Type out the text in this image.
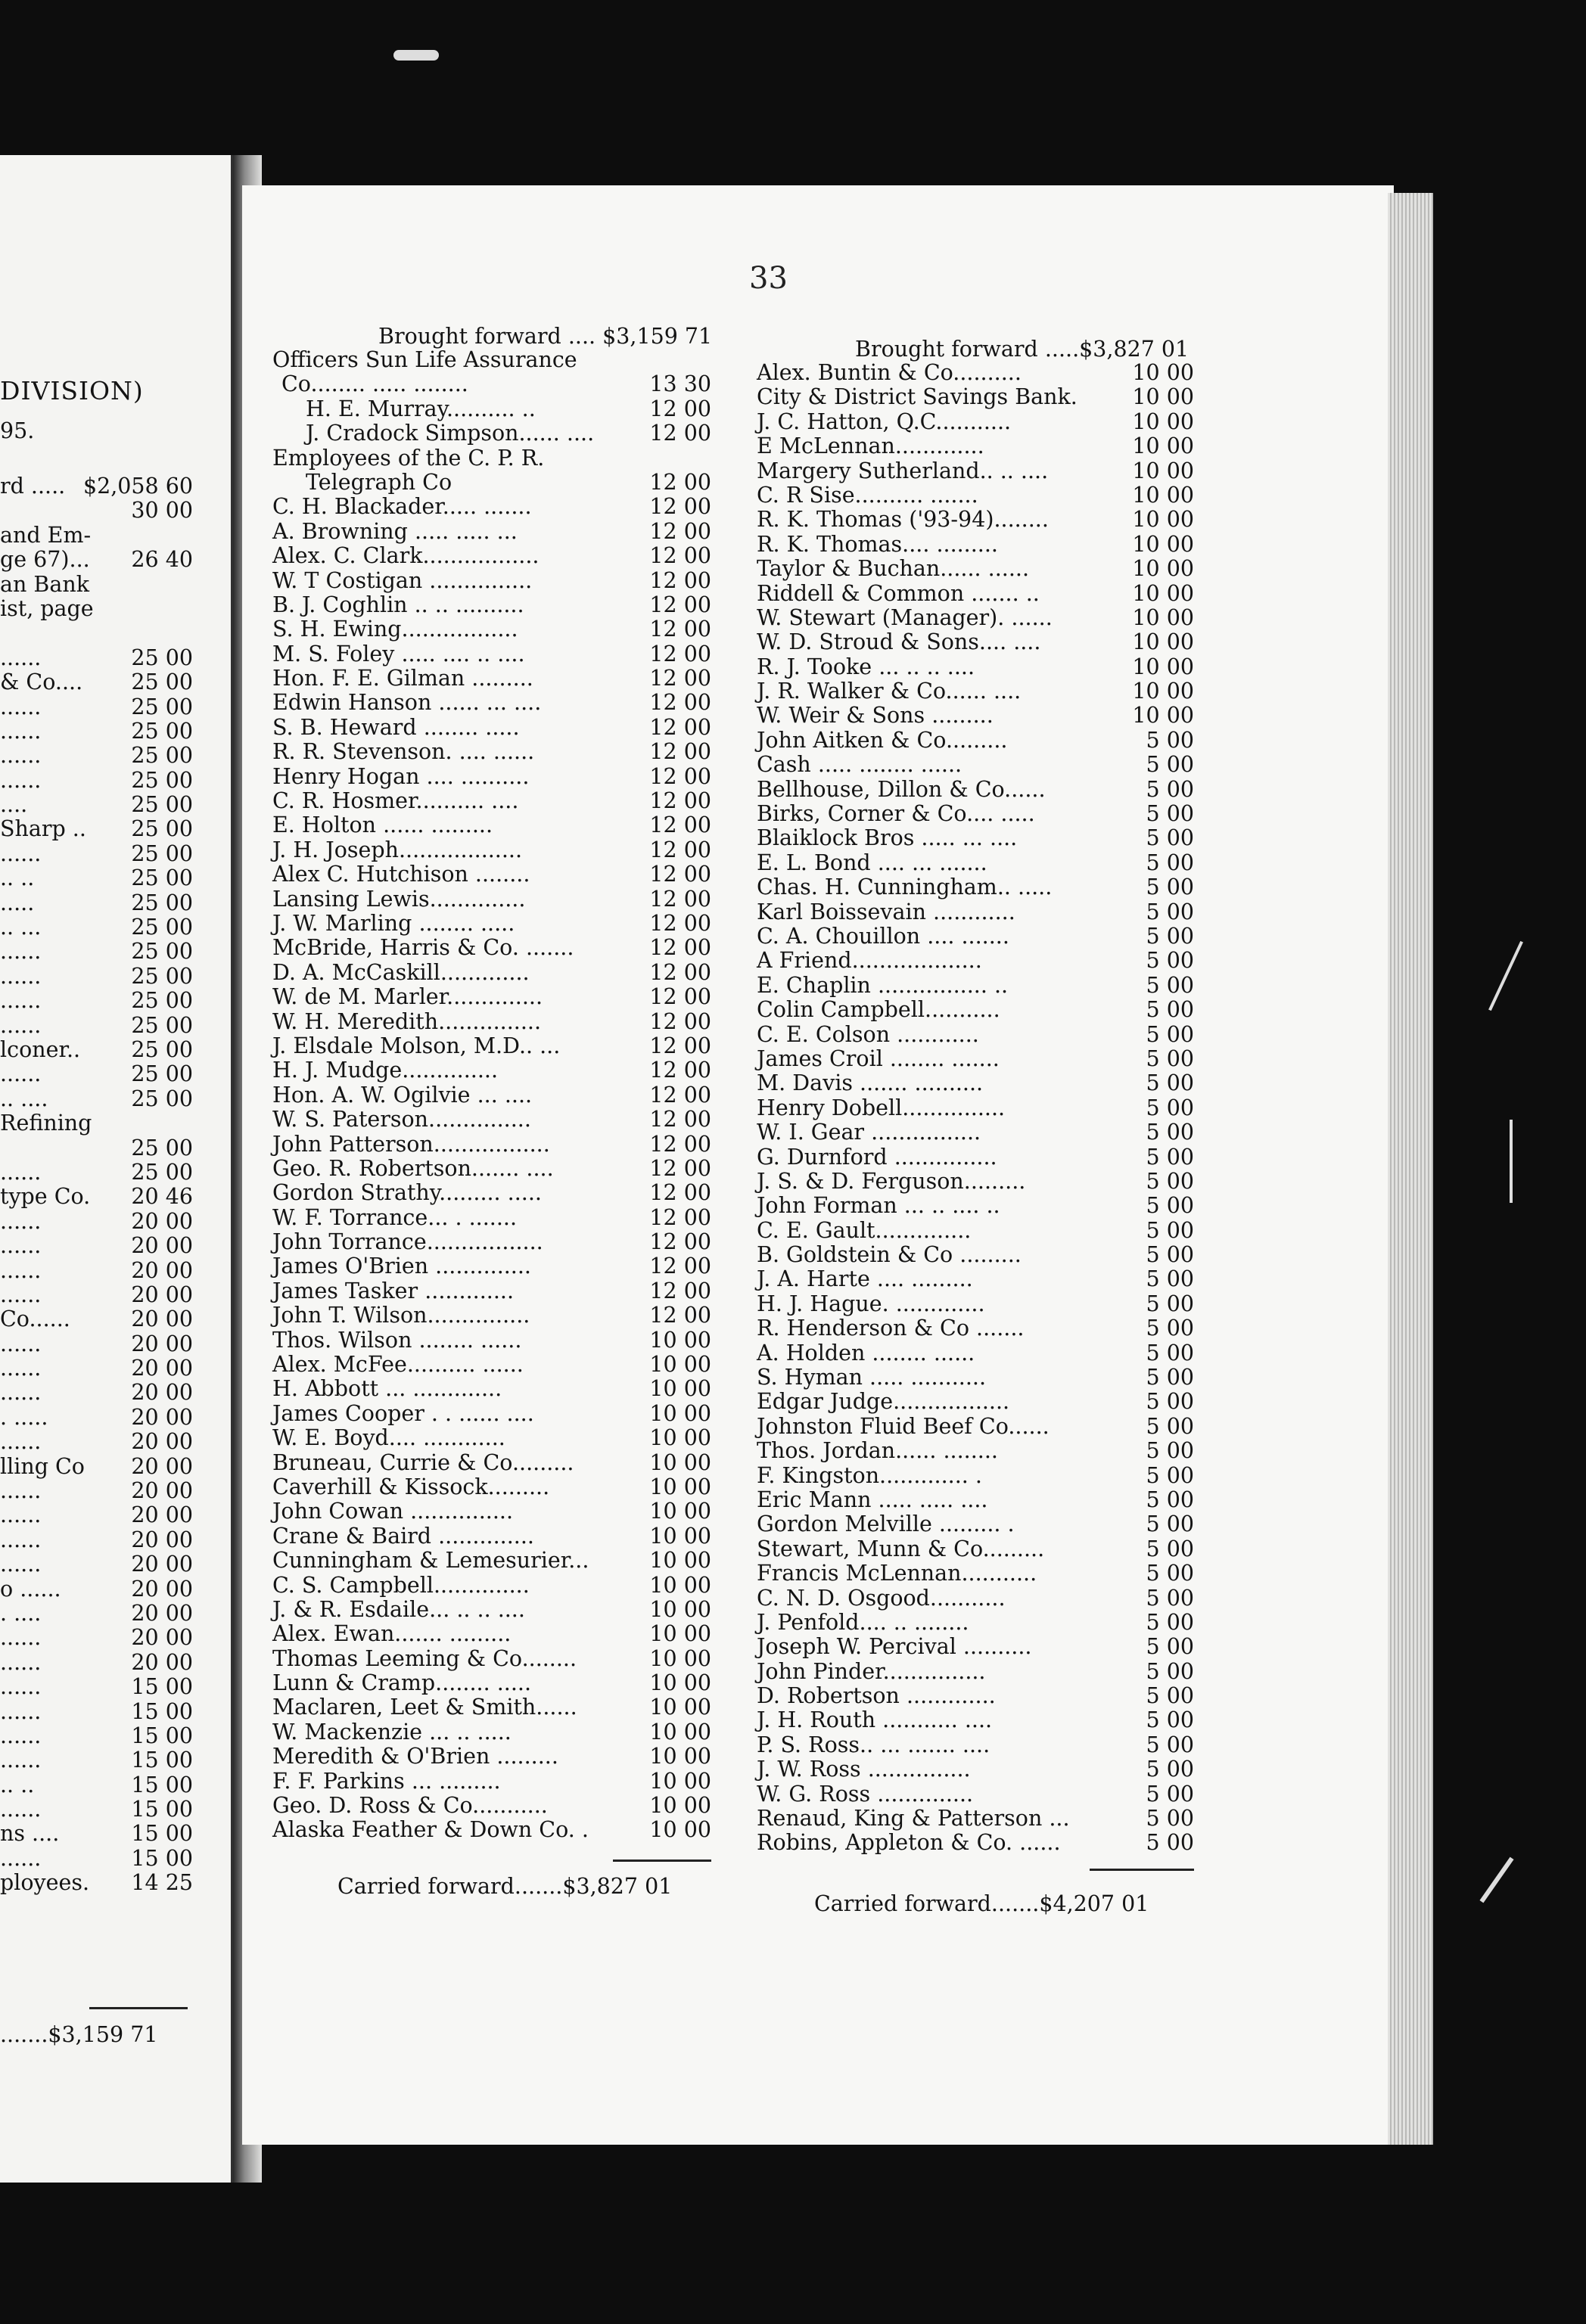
DIVISION)
95.
rd ..... $2,058 60
30 00
and Em-
ge 67)... 26 40
an Bank
ist, page
......	25 00
& Co.... 25 00
......	25 00
......	25 00
......	25 00
......	25 00
....	25 00
Sharp .. 25 00
......	25 00
.. ..	25 00
.....	25 00
.. ...	25 00
......	25 00
......	25 00
......	25 00
......	25 00
lconer.. 25 00
......	25 00
.. ....	25 00
Refining
25 00
......	25 00
type Co. 20 46
......	20 00
......	20 00
......	20 00
......	20 00
Co......	20 00
......	20 00
......	20 00
......	20 00
. .....	20 00
......	20 00
lling Co 20 00
......	20 00
......	20 00
......	20 00
......	20 00
o ......	20 00
. ....	20 00
......	20 00
......	20 00
......	15 00
......	15 00
......	15 00
......	15 00
.. ..	15 00
......	15 00
ns ....	15 00
......	15 00
ployees. 14 25
.......$3,159 71
33
Brought forward .... $3,159 71
Officers Sun Life Assurance
Co........ ..... ........	13 30
H. E. Murray.......... ..	12 00
J. Cradock Simpson...... ....	12 00
Employees of the C. P. R.
Telegraph Co	12 00
C. H. Blackader..... .......	12 00
A. Browning ..... ..... ...	12 00
Alex. C. Clark.................	12 00
W. T Costigan ...............	12 00
B. J. Coghlin .. .. ..........	12 00
S. H. Ewing.................	12 00
M. S. Foley ..... .... .. ....	12 00
Hon. F. E. Gilman .........	12 00
Edwin Hanson ...... ... ....	12 00
S. B. Heward ........ .....	12 00
R. R. Stevenson. .... ......	12 00
Henry Hogan .... ..........	12 00
C. R. Hosmer.......... ....	12 00
E. Holton ...... .........	12 00
J. H. Joseph..................	12 00
Alex C. Hutchison ........	12 00
Lansing Lewis..............	12 00
J. W. Marling ........ .....	12 00
McBride, Harris & Co. .......	12 00
D. A. McCaskill.............	12 00
W. de M. Marler..............	12 00
W. H. Meredith...............	12 00
J. Elsdale Molson, M.D.. ...	12 00
H. J. Mudge..............	12 00
Hon. A. W. Ogilvie ... ....	12 00
W. S. Paterson...............	12 00
John Patterson.................	12 00
Geo. R. Robertson....... ....	12 00
Gordon Strathy......... .....	12 00
W. F. Torrance... . .......	12 00
John Torrance.................	12 00
James O'Brien ..............	12 00
James Tasker .............	12 00
John T. Wilson...............	12 00
Thos. Wilson ........ ......	10 00
Alex. McFee.......... ......	10 00
H. Abbott ... .............	10 00
James Cooper . . ...... ....	10 00
W. E. Boyd.... ............	10 00
Bruneau, Currie & Co.........	10 00
Caverhill & Kissock.........	10 00
John Cowan ...............	10 00
Crane & Baird ..............	10 00
Cunningham & Lemesurier...	10 00
C. S. Campbell..............	10 00
J. & R. Esdaile... .. .. ....	10 00
Alex. Ewan....... .........	10 00
Thomas Leeming & Co........	10 00
Lunn & Cramp........ .....	10 00
Maclaren, Leet & Smith......	10 00
W. Mackenzie ... .. .....	10 00
Meredith & O'Brien .........	10 00
F. F. Parkins ... .........	10 00
Geo. D. Ross & Co...........	10 00
Alaska Feather & Down Co. .	10 00
Carried forward.......$3,827 01
Brought forward .....$3,827 01
Alex. Buntin & Co..........	10 00
City & District Savings Bank.	10 00
J. C. Hatton, Q.C...........	10 00
E McLennan.............	10 00
Margery Sutherland.. .. ....	10 00
C. R Sise.......... .......	10 00
R. K. Thomas ('93-94)........	10 00
R. K. Thomas.... .........	10 00
Taylor & Buchan...... ......	10 00
Riddell & Common ....... ..	10 00
W. Stewart (Manager). ......	10 00
W. D. Stroud & Sons.... ....	10 00
R. J. Tooke ... .. .. ....	10 00
J. R. Walker & Co...... ....	10 00
W. Weir & Sons .........	10 00
John Aitken & Co.........	5 00
Cash ..... ........ ......	5 00
Bellhouse, Dillon & Co......	5 00
Birks, Corner & Co.... .....	5 00
Blaiklock Bros ..... ... ....	5 00
E. L. Bond .... ... .......	5 00
Chas. H. Cunningham.. .....	5 00
Karl Boissevain ............	5 00
C. A. Chouillon .... .......	5 00
A Friend...................	5 00
E. Chaplin ................ ..	5 00
Colin Campbell...........	5 00
C. E. Colson ............	5 00
James Croil ........ .......	5 00
M. Davis ....... ..........	5 00
Henry Dobell...............	5 00
W. I. Gear ................	5 00
G. Durnford ...............	5 00
J. S. & D. Ferguson.........	5 00
John Forman ... .. .... ..	5 00
C. E. Gault..............	5 00
B. Goldstein & Co .........	5 00
J. A. Harte .... .........	5 00
H. J. Hague. .............	5 00
R. Henderson & Co .......	5 00
A. Holden ........ ......	5 00
S. Hyman ..... ...........	5 00
Edgar Judge.................	5 00
Johnston Fluid Beef Co......	5 00
Thos. Jordan...... ........	5 00
F. Kingston............. .	5 00
Eric Mann ..... ..... ....	5 00
Gordon Melville ......... .	5 00
Stewart, Munn & Co.........	5 00
Francis McLennan...........	5 00
C. N. D. Osgood...........	5 00
J. Penfold.... .. ........	5 00
Joseph W. Percival ..........	5 00
John Pinder...............	5 00
D. Robertson .............	5 00
J. H. Routh ........... ....	5 00
P. S. Ross.. ... ....... ....	5 00
J. W. Ross ...............	5 00
W. G. Ross ..............	5 00
Renaud, King & Patterson ...	5 00
Robins, Appleton & Co. ......	5 00
Carried forward.......$4,207 01
